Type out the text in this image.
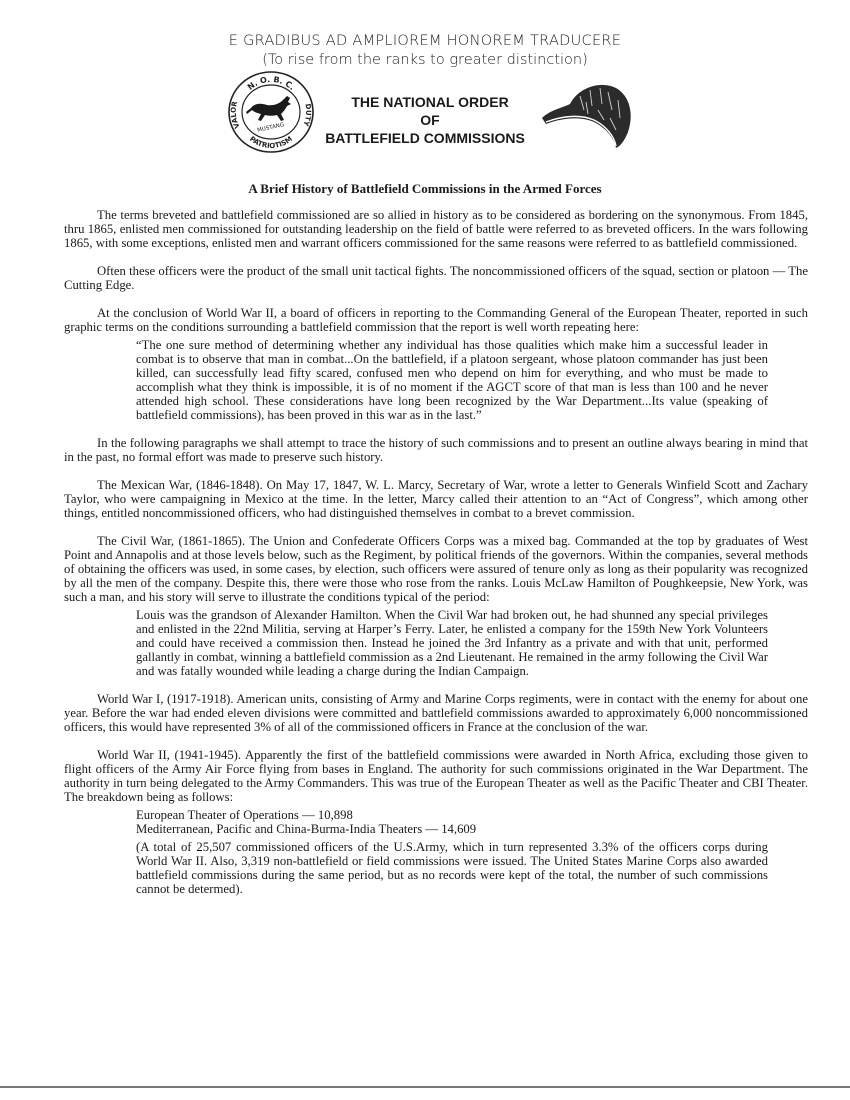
E GRADIBUS AD AMPLIOREM HONOREM TRADUCERE
(To rise from the ranks to greater distinction)
N. O. B. C.
PATRIOTISM
VALOR	DUTY
MUSTANG
THE NATIONAL ORDER
OF
BATTLEFIELD COMMISSIONS
A Brief History of Battlefield Commissions in the Armed Forces

The terms breveted and battlefield commissioned are so allied in history as to be considered as bordering on the synonymous. From 1845, thru 1865, enlisted men commissioned for outstanding leadership on the field of battle were referred to as breveted officers. In the wars following 1865, with some exceptions, enlisted men and warrant officers commissioned for the same reasons were referred to as battlefield commissioned.

Often these officers were the product of the small unit tactical fights. The noncommissioned officers of the squad, section or platoon — The Cutting Edge.

At the conclusion of World War II, a board of officers in reporting to the Commanding General of the European Theater, reported in such graphic terms on the conditions surrounding a battlefield commission that the report is well worth repeating here:

“The one sure method of determining whether any individual has those qualities which make him a successful leader in combat is to observe that man in combat...On the battlefield, if a platoon sergeant, whose platoon commander has just been killed, can successfully lead fifty scared, confused men who depend on him for everything, and who must be made to accomplish what they think is impossible, it is of no moment if the AGCT score of that man is less than 100 and he never attended high school. These considerations have long been recognized by the War Department...Its value (speaking of battlefield commissions), has been proved in this war as in the last.”

In the following paragraphs we shall attempt to trace the history of such commissions and to present an outline always bearing in mind that in the past, no formal effort was made to preserve such history.

The Mexican War, (1846-1848). On May 17, 1847, W. L. Marcy, Secretary of War, wrote a letter to Generals Winfield Scott and Zachary Taylor, who were campaigning in Mexico at the time. In the letter, Marcy called their attention to an “Act of Congress”, which among other things, entitled noncommissioned officers, who had distinguished themselves in combat to a brevet commission.

The Civil War, (1861-1865). The Union and Confederate Officers Corps was a mixed bag. Commanded at the top by graduates of West Point and Annapolis and at those levels below, such as the Regiment, by political friends of the governors. Within the companies, several methods of obtaining the officers was used, in some cases, by election, such officers were assured of tenure only as long as their popularity was recognized by all the men of the company. Despite this, there were those who rose from the ranks. Louis McLaw Hamilton of Poughkeepsie, New York, was such a man, and his story will serve to illustrate the conditions typical of the period:

Louis was the grandson of Alexander Hamilton. When the Civil War had broken out, he had shunned any special privileges and enlisted in the 22nd Militia, serving at Harper’s Ferry. Later, he enlisted a company for the 159th New York Volunteers and could have received a commission then. Instead he joined the 3rd Infantry as a private and with that unit, performed gallantly in combat, winning a battlefield commission as a 2nd Lieutenant. He remained in the army following the Civil War and was fatally wounded while leading a charge during the Indian Campaign.

World War I, (1917-1918). American units, consisting of Army and Marine Corps regiments, were in contact with the enemy for about one year. Before the war had ended eleven divisions were committed and battlefield commissions awarded to approximately 6,000 noncommissioned officers, this would have represented 3% of all of the commissioned officers in France at the conclusion of the war.

World War II, (1941-1945). Apparently the first of the battlefield commissions were awarded in North Africa, excluding those given to flight officers of the Army Air Force flying from bases in England. The authority for such commissions originated in the War Department. The authority in turn being delegated to the Army Commanders. This was true of the European Theater as well as the Pacific Theater and CBI Theater. The breakdown being as follows:

European Theater of Operations — 10,898
Mediterranean, Pacific and China-Burma-India Theaters — 14,609
(A total of 25,507 commissioned officers of the U.S.Army, which in turn represented 3.3% of the officers corps during World War II. Also, 3,319 non-battlefield or field commissions were issued. The United States Marine Corps also awarded battlefield commissions during the same period, but as no records were kept of the total, the number of such commissions cannot be determed).
